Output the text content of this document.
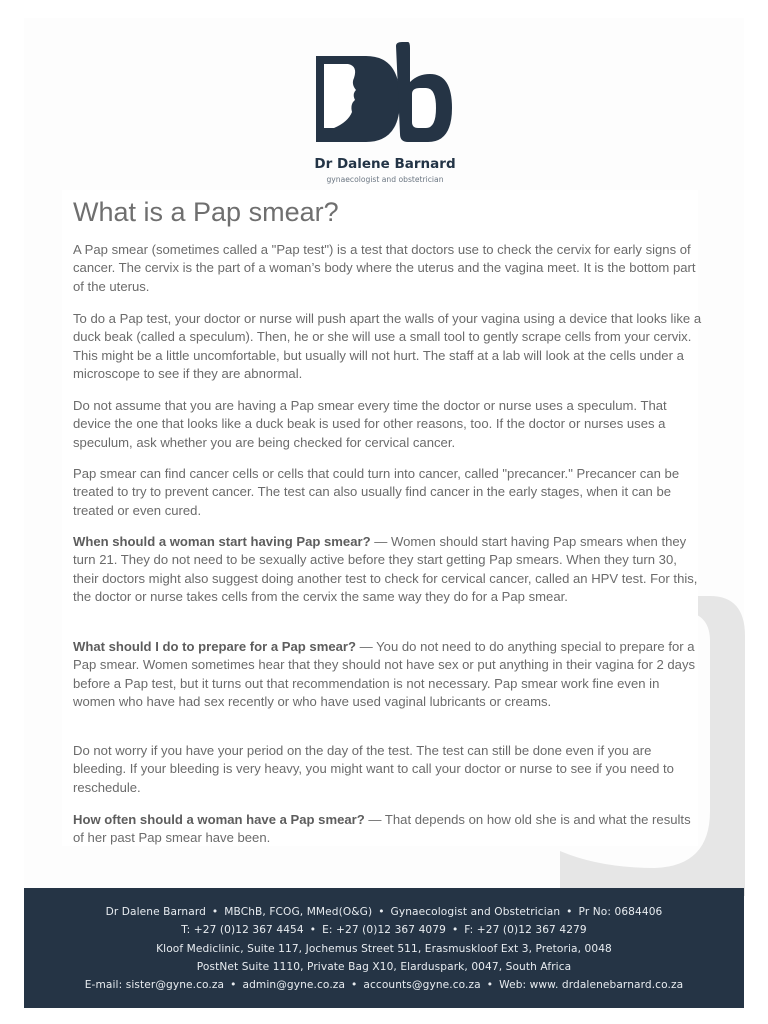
Dr Dalene Barnard
gynaecologist and obstetrician
What is a Pap smear?

A Pap smear (sometimes called a "Pap test") is a test that doctors use to check the cervix for early signs of cancer. The cervix is the part of a woman’s body where the uterus and the vagina meet. It is the bottom part of the uterus.

To do a Pap test, your doctor or nurse will push apart the walls of your vagina using a device that looks like a duck beak (called a speculum). Then, he or she will use a small tool to gently scrape cells from your cervix. This might be a little uncomfortable, but usually will not hurt. The staff at a lab will look at the cells under a microscope to see if they are abnormal.

Do not assume that you are having a Pap smear every time the doctor or nurse uses a speculum. That device the one that looks like a duck beak is used for other reasons, too. If the doctor or nurses uses a speculum, ask whether you are being checked for cervical cancer.

Pap smear can find cancer cells or cells that could turn into cancer, called "precancer." Precancer can be treated to try to prevent cancer. The test can also usually find cancer in the early stages, when it can be treated or even cured.

When should a woman start having Pap smear? — Women should start having Pap smears when they turn 21. They do not need to be sexually active before they start getting Pap smears. When they turn 30, their doctors might also suggest doing another test to check for cervical cancer, called an HPV test. For this, the doctor or nurse takes cells from the cervix the same way they do for a Pap smear.

What should I do to prepare for a Pap smear? — You do not need to do anything special to prepare for a Pap smear. Women sometimes hear that they should not have sex or put anything in their vagina for 2 days before a Pap test, but it turns out that recommendation is not necessary. Pap smear work fine even in women who have had sex recently or who have used vaginal lubricants or creams.

Do not worry if you have your period on the day of the test. The test can still be done even if you are bleeding. If your bleeding is very heavy, you might want to call your doctor or nurse to see if you need to reschedule.

How often should a woman have a Pap smear? — That depends on how old she is and what the results of her past Pap smear have been.

Dr Dalene Barnard • MBChB, FCOG, MMed(O&G) • Gynaecologist and Obstetrician • Pr No: 0684406
T: +27 (0)12 367 4454 • E: +27 (0)12 367 4079 • F: +27 (0)12 367 4279
Kloof Mediclinic, Suite 117, Jochemus Street 511, Erasmuskloof Ext 3, Pretoria, 0048
PostNet Suite 1110, Private Bag X10, Elarduspark, 0047, South Africa
E-mail: sister@gyne.co.za • admin@gyne.co.za • accounts@gyne.co.za • Web: www. drdalenebarnard.co.za
